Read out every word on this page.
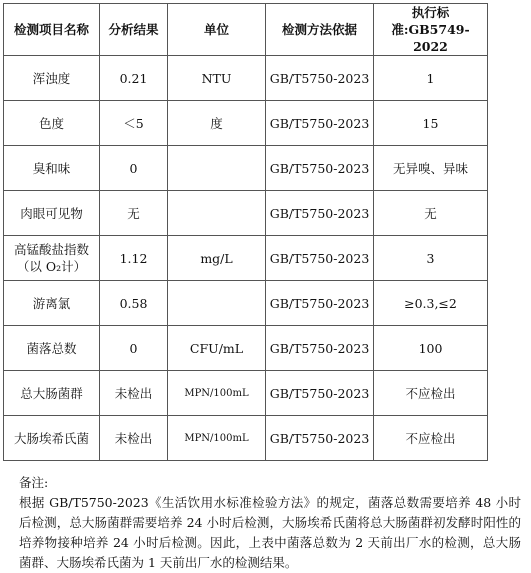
检测项目名称	分析结果	单位	检测方法依据	执行标
准:GB5749-2022
浑浊度	0.21	NTU	GB/T5750-2023	1
色度	＜5	度	GB/T5750-2023	15
臭和味	0		GB/T5750-2023	无异嗅、异味
肉眼可见物	无		GB/T5750-2023	无
高锰酸盐指数
（以 O₂计）	1.12	mg/L	GB/T5750-2023	3
游离氯	0.58		GB/T5750-2023	≥0.3,≤2
菌落总数	0	CFU/mL	GB/T5750-2023	100
总大肠菌群	未检出	MPN/100mL	GB/T5750-2023	不应检出
大肠埃希氏菌	未检出	MPN/100mL	GB/T5750-2023	不应检出
备注:
根据 GB/T5750-2023《生活饮用水标准检验方法》的规定，菌落总数需要培养 48 小时后检测，总大肠菌群需要培养 24 小时后检测，大肠埃希氏菌将总大肠菌群初发酵时阳性的培养物接种培养 24 小时后检测。因此，上表中菌落总数为 2 天前出厂水的检测，总大肠菌群、大肠埃希氏菌为 1 天前出厂水的检测结果。
